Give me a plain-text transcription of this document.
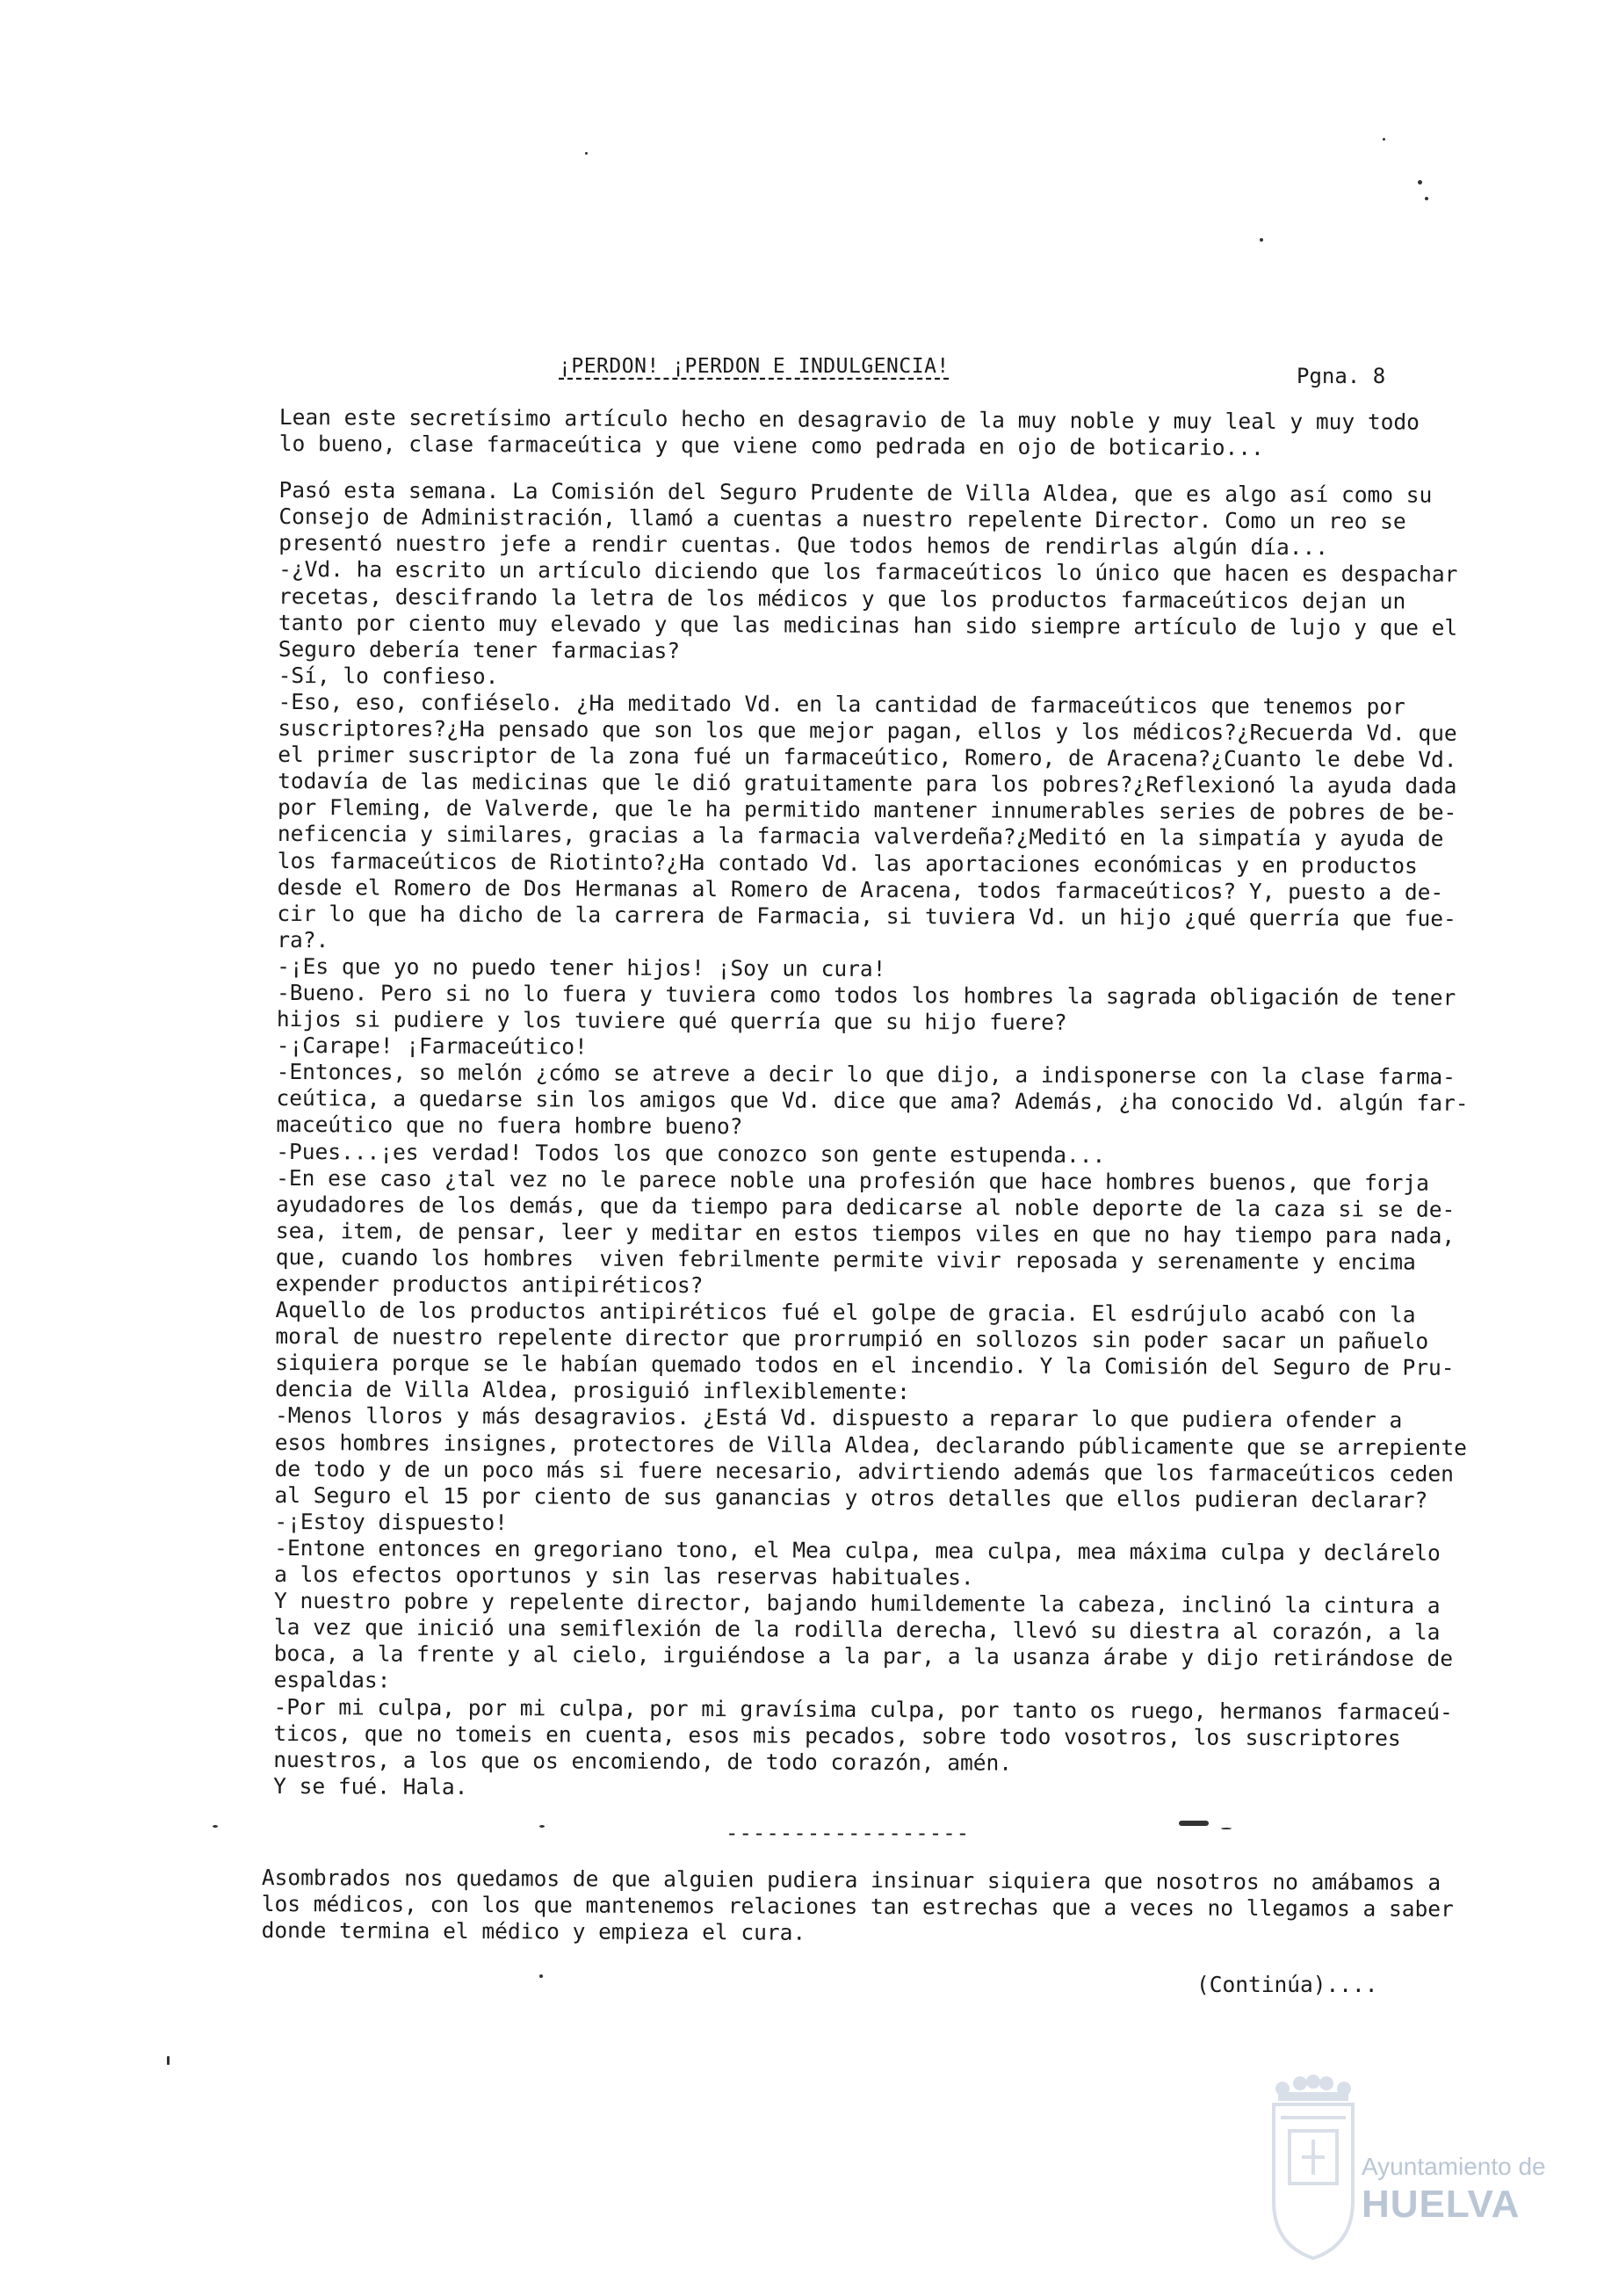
¡PERDON! ¡PERDON E INDULGENCIA!	Pgna. 8
Lean este secretísimo artículo hecho en desagravio de la muy noble y muy leal y muy todo
lo bueno, clase farmaceútica y que viene como pedrada en ojo de boticario...
Pasó esta semana. La Comisión del Seguro Prudente de Villa Aldea, que es algo así como su
Consejo de Administración, llamó a cuentas a nuestro repelente Director. Como un reo se
presentó nuestro jefe a rendir cuentas. Que todos hemos de rendirlas algún día...
-¿Vd. ha escrito un artículo diciendo que los farmaceúticos lo único que hacen es despachar
recetas, descifrando la letra de los médicos y que los productos farmaceúticos dejan un
tanto por ciento muy elevado y que las medicinas han sido siempre artículo de lujo y que el
Seguro debería tener farmacias?
-Sí, lo confieso.
-Eso, eso, confiéselo. ¿Ha meditado Vd. en la cantidad de farmaceúticos que tenemos por
suscriptores?¿Ha pensado que son los que mejor pagan, ellos y los médicos?¿Recuerda Vd. que
el primer suscriptor de la zona fué un farmaceútico, Romero, de Aracena?¿Cuanto le debe Vd.
todavía de las medicinas que le dió gratuitamente para los pobres?¿Reflexionó la ayuda dada
por Fleming, de Valverde, que le ha permitido mantener innumerables series de pobres de be-
neficencia y similares, gracias a la farmacia valverdeña?¿Meditó en la simpatía y ayuda de
los farmaceúticos de Riotinto?¿Ha contado Vd. las aportaciones económicas y en productos
desde el Romero de Dos Hermanas al Romero de Aracena, todos farmaceúticos? Y, puesto a de-
cir lo que ha dicho de la carrera de Farmacia, si tuviera Vd. un hijo ¿qué querría que fue-
ra?.
-¡Es que yo no puedo tener hijos! ¡Soy un cura!
-Bueno. Pero si no lo fuera y tuviera como todos los hombres la sagrada obligación de tener
hijos si pudiere y los tuviere qué querría que su hijo fuere?
-¡Carape! ¡Farmaceútico!
-Entonces, so melón ¿cómo se atreve a decir lo que dijo, a indisponerse con la clase farma-
ceútica, a quedarse sin los amigos que Vd. dice que ama? Además, ¿ha conocido Vd. algún far-
maceútico que no fuera hombre bueno?
-Pues...¡es verdad! Todos los que conozco son gente estupenda...
-En ese caso ¿tal vez no le parece noble una profesión que hace hombres buenos, que forja
ayudadores de los demás, que da tiempo para dedicarse al noble deporte de la caza si se de-
sea, item, de pensar, leer y meditar en estos tiempos viles en que no hay tiempo para nada,
que, cuando los hombres  viven febrilmente permite vivir reposada y serenamente y encima
expender productos antipiréticos?
Aquello de los productos antipiréticos fué el golpe de gracia. El esdrújulo acabó con la
moral de nuestro repelente director que prorrumpió en sollozos sin poder sacar un pañuelo
siquiera porque se le habían quemado todos en el incendio. Y la Comisión del Seguro de Pru-
dencia de Villa Aldea, prosiguió inflexiblemente:
-Menos lloros y más desagravios. ¿Está Vd. dispuesto a reparar lo que pudiera ofender a
esos hombres insignes, protectores de Villa Aldea, declarando públicamente que se arrepiente
de todo y de un poco más si fuere necesario, advirtiendo además que los farmaceúticos ceden
al Seguro el 15 por ciento de sus ganancias y otros detalles que ellos pudieran declarar?
-¡Estoy dispuesto!
-Entone entonces en gregoriano tono, el Mea culpa, mea culpa, mea máxima culpa y declárelo
a los efectos oportunos y sin las reservas habituales.
Y nuestro pobre y repelente director, bajando humildemente la cabeza, inclinó la cintura a
la vez que inició una semiflexión de la rodilla derecha, llevó su diestra al corazón, a la
boca, a la frente y al cielo, irguiéndose a la par, a la usanza árabe y dijo retirándose de
espaldas:
-Por mi culpa, por mi culpa, por mi gravísima culpa, por tanto os ruego, hermanos farmaceú-
ticos, que no tomeis en cuenta, esos mis pecados, sobre todo vosotros, los suscriptores
nuestros, a los que os encomiendo, de todo corazón, amén.
Y se fué. Hala.
------------------
Asombrados nos quedamos de que alguien pudiera insinuar siquiera que nosotros no amábamos a
los médicos, con los que mantenemos relaciones tan estrechas que a veces no llegamos a saber
donde termina el médico y empieza el cura.
(Continúa)....
Ayuntamiento de
HUELVA
